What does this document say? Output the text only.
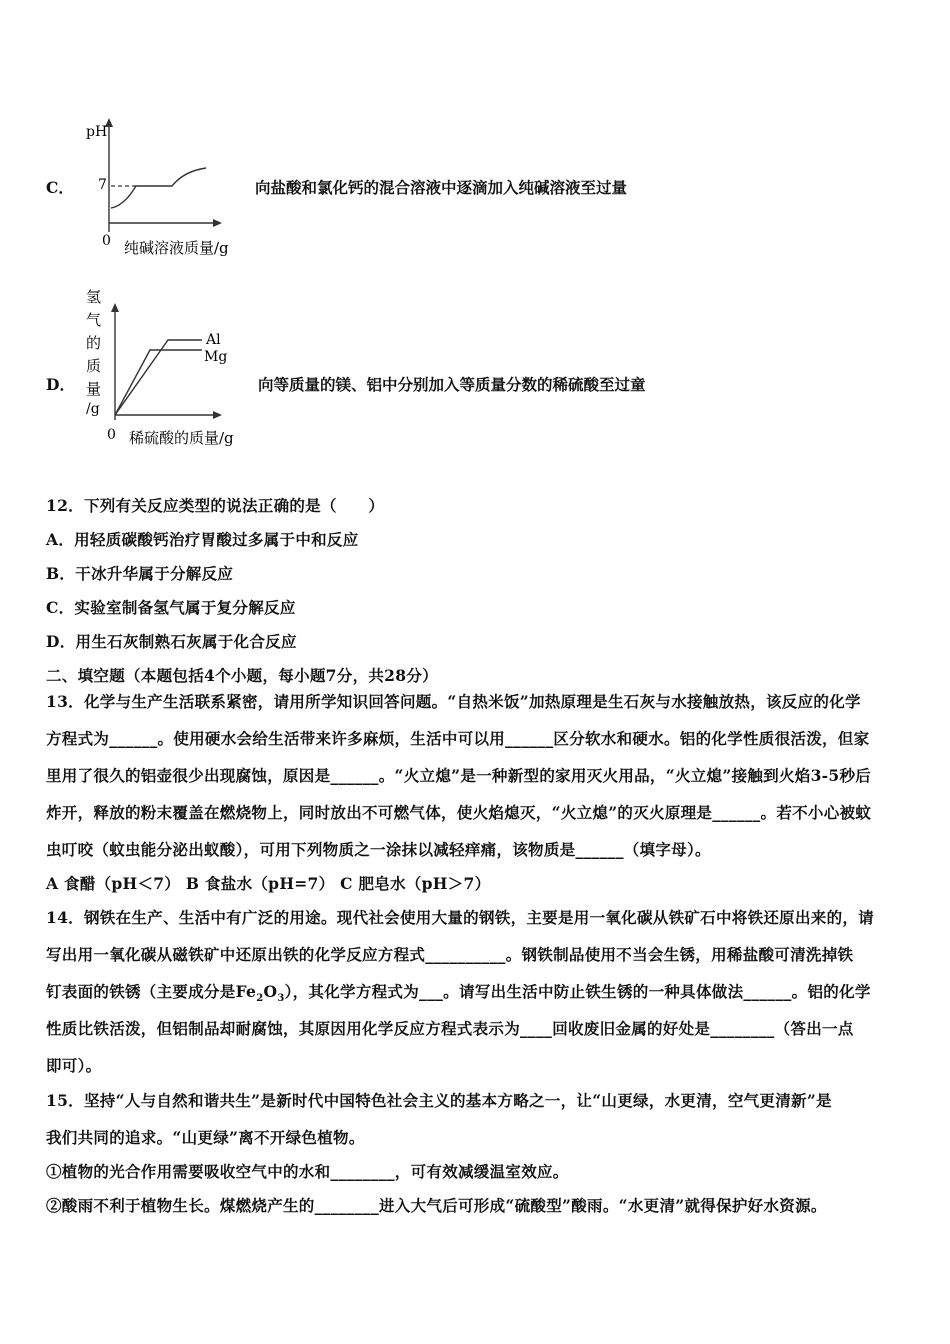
C．
pH
7
0 纯碱溶液质量/g
向盐酸和氯化钙的混合溶液中逐滴加入纯碱溶液至过量
D．
氢
气
的
质
量
/g
Al
Mg
0 稀硫酸的质量/g
向等质量的镁、铝中分别加入等质量分数的稀硫酸至过童
12．下列有关反应类型的说法正确的是（　　）
A．用轻质碳酸钙治疗胃酸过多属于中和反应
B．干冰升华属于分解反应
C．实验室制备氢气属于复分解反应
D．用生石灰制熟石灰属于化合反应
二、填空题（本题包括4个小题，每小题7分，共28分）
13．化学与生产生活联系紧密，请用所学知识回答问题。“自热米饭”加热原理是生石灰与水接触放热，该反应的化学
方程式为______。使用硬水会给生活带来许多麻烦，生活中可以用______区分软水和硬水。铝的化学性质很活泼，但家
里用了很久的铝壶很少出现腐蚀，原因是______。“火立熄”是一种新型的家用灭火用品，“火立熄”接触到火焰3-5秒后
炸开，释放的粉末覆盖在燃烧物上，同时放出不可燃气体，使火焰熄灭，“火立熄”的灭火原理是______。若不小心被蚊
虫叮咬（蚊虫能分泌出蚁酸），可用下列物质之一涂抹以减轻痒痛，该物质是______（填字母）。
A 食醋（pH＜7） B 食盐水（pH=7） C 肥皂水（pH＞7）
14．钢铁在生产、生活中有广泛的用途。现代社会使用大量的钢铁，主要是用一氧化碳从铁矿石中将铁还原出来的，请
写出用一氧化碳从磁铁矿中还原出铁的化学反应方程式__________。钢铁制品使用不当会生锈，用稀盐酸可清洗掉铁
钉表面的铁锈（主要成分是$Fe_2O_3$），其化学方程式为___。请写出生活中防止铁生锈的一种具体做法______。铝的化学
性质比铁活泼，但铝制品却耐腐蚀，其原因用化学反应方程式表示为____回收废旧金属的好处是________（答出一点
即可）。
15．坚持“人与自然和谐共生”是新时代中国特色社会主义的基本方略之一，让“山更绿，水更清，空气更清新”是
我们共同的追求。“山更绿”离不开绿色植物。
①植物的光合作用需要吸收空气中的水和________，可有效减缓温室效应。
②酸雨不利于植物生长。煤燃烧产生的________进入大气后可形成“硫酸型”酸雨。“水更清”就得保护好水资源。
